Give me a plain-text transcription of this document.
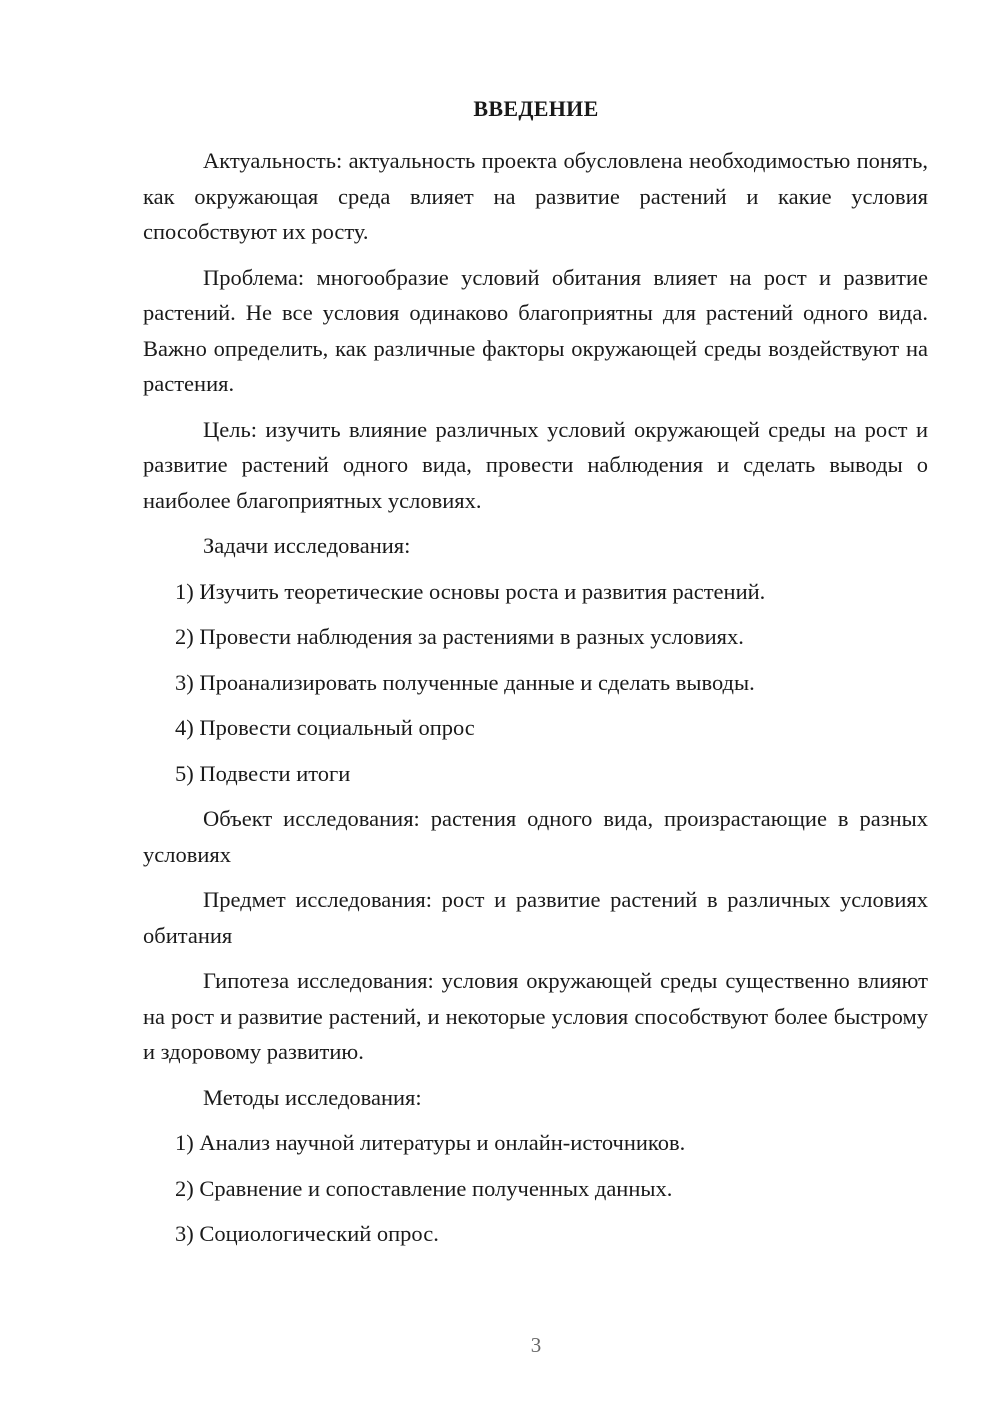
ВВЕДЕНИЕ

Актуальность: актуальность проекта обусловлена необходимостью понять, как окружающая среда влияет на развитие растений и какие условия способствуют их росту.

Проблема: многообразие условий обитания влияет на рост и развитие растений. Не все условия одинаково благоприятны для растений одного вида. Важно определить, как различные факторы окружающей среды воздействуют на растения.

Цель: изучить влияние различных условий окружающей среды на рост и развитие растений одного вида, провести наблюдения и сделать выводы о наиболее благоприятных условиях.

Задачи исследования:

1) Изучить теоретические основы роста и развития растений.

2) Провести наблюдения за растениями в разных условиях.

3) Проанализировать полученные данные и сделать выводы.

4) Провести социальный опрос

5) Подвести итоги

Объект исследования: растения одного вида, произрастающие в разных условиях

Предмет исследования: рост и развитие растений в различных условиях обитания

Гипотеза исследования: условия окружающей среды существенно влияют на рост и развитие растений, и некоторые условия способствуют более быстрому и здоровому развитию.

Методы исследования:

1) Анализ научной литературы и онлайн-источников.

2) Сравнение и сопоставление полученных данных.

3) Социологический опрос.

3
